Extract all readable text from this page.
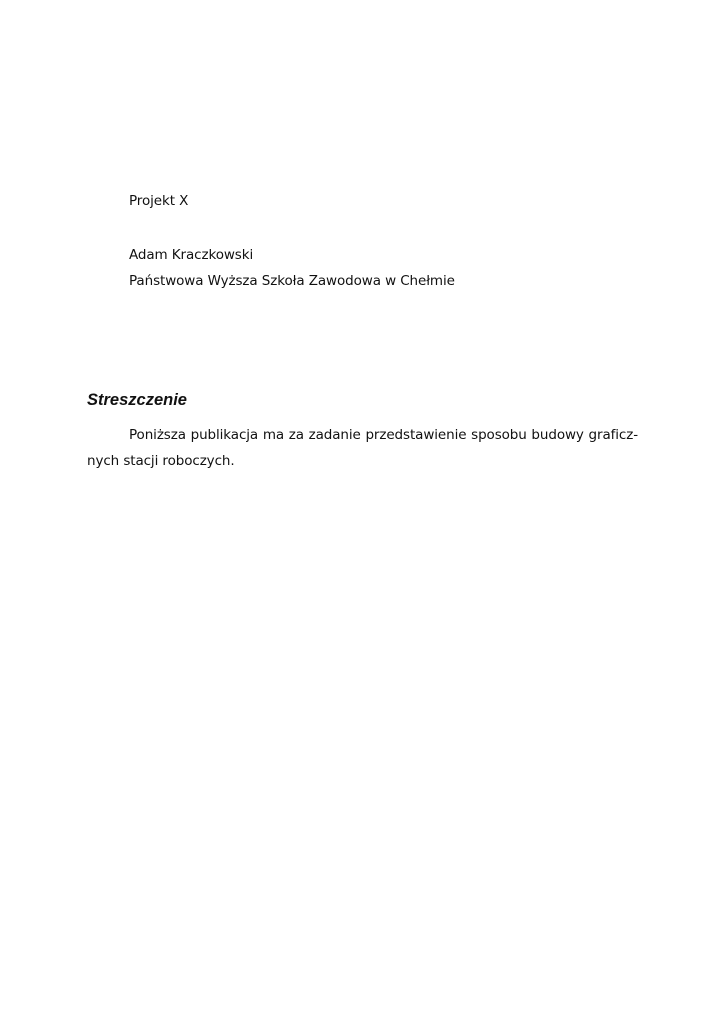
Projekt X
Adam Kraczkowski
Państwowa Wyższa Szkoła Zawodowa w Chełmie
Streszczenie
Poniższa publikacja ma za zadanie przedstawienie sposobu budowy graficz-
nych stacji roboczych.
